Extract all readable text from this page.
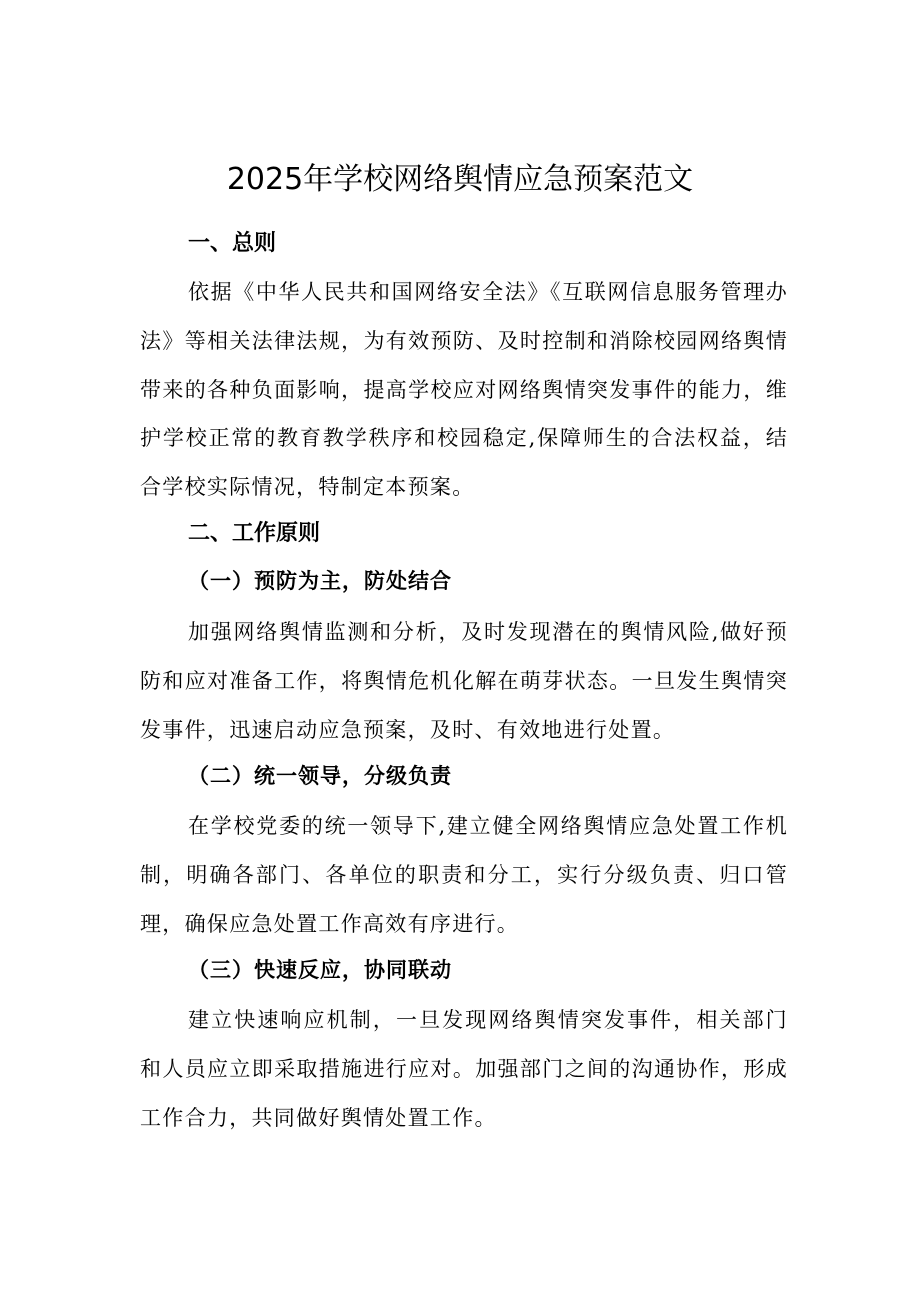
2025年学校网络舆情应急预案范文
一、总则

依据《中华人民共和国网络安全法》《互联网信息服务管理办法》等相关法律法规，为有效预防、及时控制和消除校园网络舆情带来的各种负面影响，提高学校应对网络舆情突发事件的能力，维护学校正常的教育教学秩序和校园稳定,保障师生的合法权益，结合学校实际情况，特制定本预案。

二、工作原则
（一）预防为主，防处结合

加强网络舆情监测和分析，及时发现潜在的舆情风险,做好预防和应对准备工作，将舆情危机化解在萌芽状态。一旦发生舆情突发事件，迅速启动应急预案，及时、有效地进行处置。

（二）统一领导，分级负责

在学校党委的统一领导下,建立健全网络舆情应急处置工作机制，明确各部门、各单位的职责和分工，实行分级负责、归口管理，确保应急处置工作高效有序进行。

（三）快速反应，协同联动

建立快速响应机制，一旦发现网络舆情突发事件，相关部门和人员应立即采取措施进行应对。加强部门之间的沟通协作，形成工作合力，共同做好舆情处置工作。
